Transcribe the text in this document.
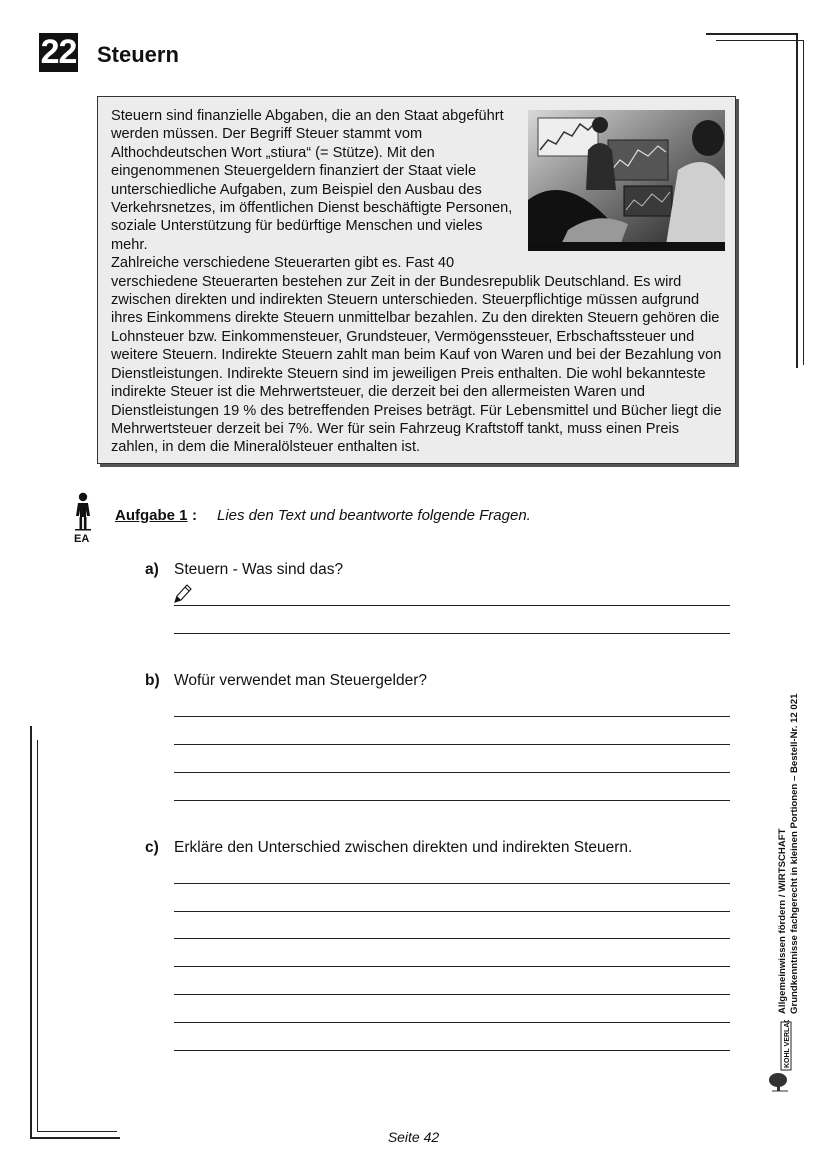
22 Steuern

Steuern sind finanzielle Abgaben, die an den Staat abgeführt werden müssen. Der Begriff Steuer stammt vom Althochdeutschen Wort „stiura“ (= Stütze). Mit den eingenommenen Steuergeldern finanziert der Staat viele unterschiedliche Aufgaben, zum Beispiel den Ausbau des Verkehrsnetzes, im öffentlichen Dienst beschäftigte Personen, soziale Unterstützung für bedürftige Menschen und vieles mehr.

Zahlreiche verschiedene Steuerarten gibt es. Fast 40 verschiedene Steuerarten bestehen zur Zeit in der Bundesrepublik Deutschland. Es wird zwischen direkten und indirekten Steuern unterschieden. Steuerpflichtige müssen aufgrund ihres Einkommens direkte Steuern unmittelbar bezahlen. Zu den direkten Steuern gehören die Lohnsteuer bzw. Einkommensteuer, Grundsteuer, Vermögenssteuer, Erbschaftssteuer und weitere Steuern. Indirekte Steuern zahlt man beim Kauf von Waren und bei der Bezahlung von Dienstleistungen. Indirekte Steuern sind im jeweiligen Preis enthalten. Die wohl bekannteste indirekte Steuer ist die Mehrwertsteuer, die derzeit bei den allermeisten Waren und Dienstleistungen 19 % des betreffenden Preises beträgt. Für Lebensmittel und Bücher liegt die Mehrwertsteuer derzeit bei 7%. Wer für sein Fahrzeug Kraftstoff tankt, muss einen Preis zahlen, in dem die Mineralölsteuer enthalten ist.

EA
Aufgabe 1 : Lies den Text und beantworte folgende Fragen.
a) Steuern - Was sind das?
b) Wofür verwendet man Steuergelder?
c) Erkläre den Unterschied zwischen direkten und indirekten Steuern.	Allgemeinwissen fördern / WIRTSCHAFT Grundkenntnisse fachgerecht in kleinen Portionen – Bestell-Nr. 12 021
KOHL VERLAG
Seite 42
